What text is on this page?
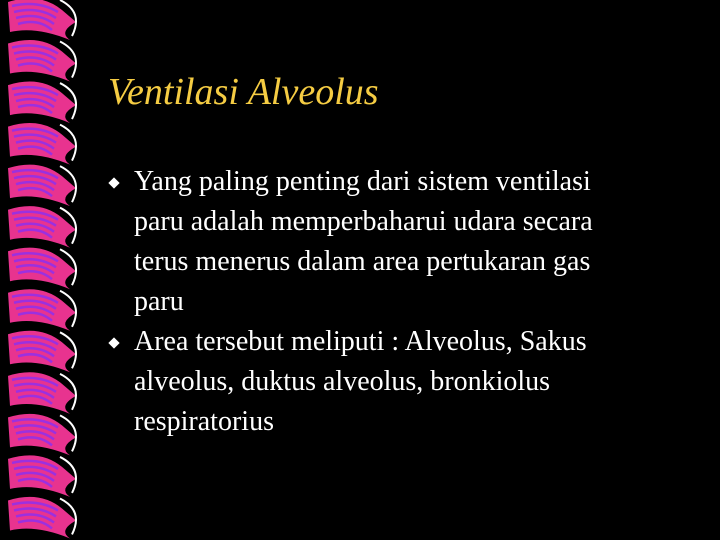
Ventilasi Alveolus
Yang paling penting dari sistem ventilasi
paru adalah memperbaharui udara secara
terus menerus dalam area pertukaran gas
paru
Area tersebut meliputi : Alveolus, Sakus
alveolus, duktus alveolus, bronkiolus
respiratorius
